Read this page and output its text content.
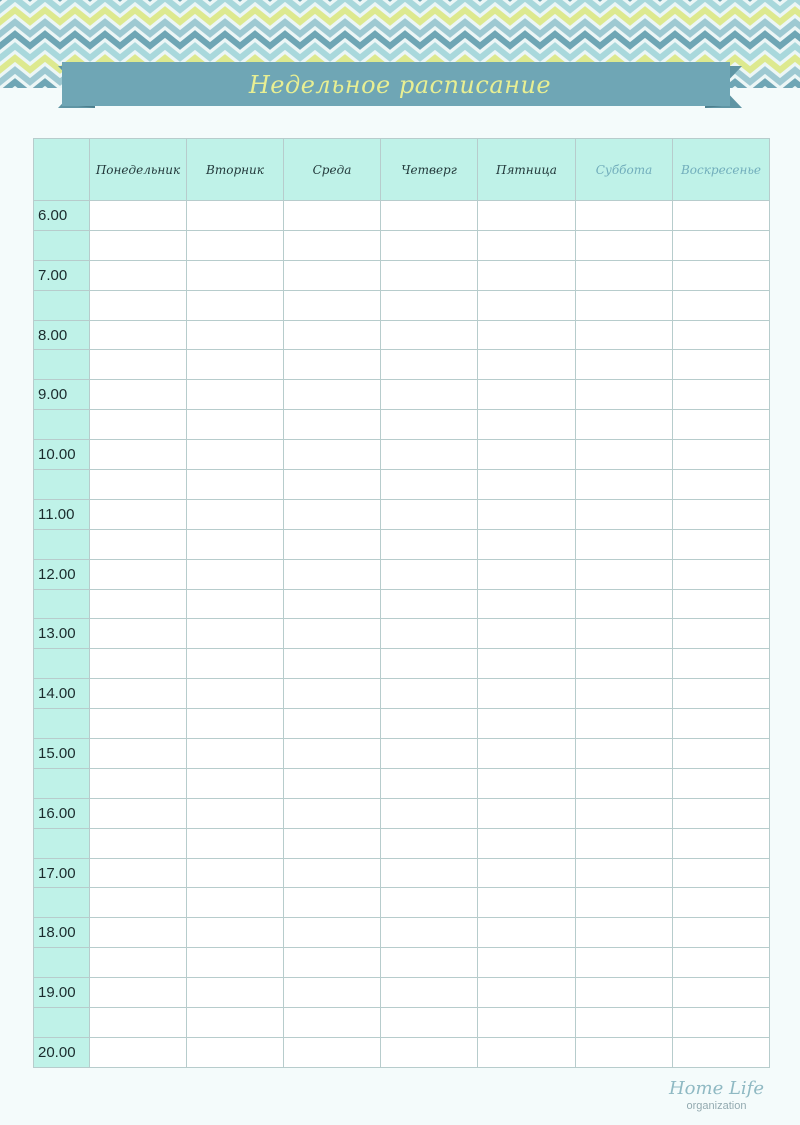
Недельное расписание
	Понедельник	Вторник	Среда	Четверг	Пятница	Суббота	Воскресенье
6.00							

7.00							

8.00							

9.00							

10.00							

11.00							

12.00							

13.00							

14.00							

15.00							

16.00							

17.00							

18.00							

19.00							

20.00							
Home Life
organization
